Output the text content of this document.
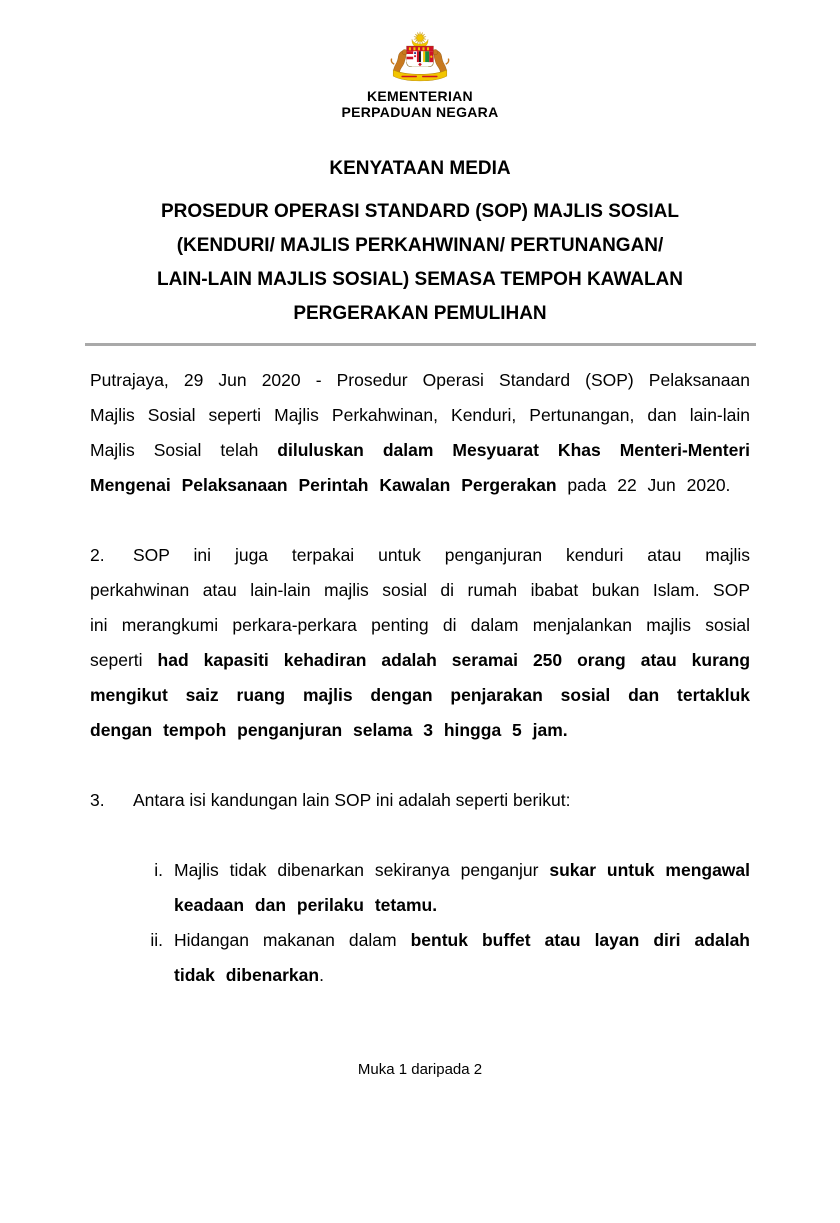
KEMENTERIAN
PERPADUAN NEGARA
KENYATAAN MEDIA
PROSEDUR OPERASI STANDARD (SOP) MAJLIS SOSIAL
(KENDURI/ MAJLIS PERKAHWINAN/ PERTUNANGAN/
LAIN-LAIN MAJLIS SOSIAL) SEMASA TEMPOH KAWALAN
PERGERAKAN PEMULIHAN

Putrajaya, 29 Jun 2020 - Prosedur Operasi Standard (SOP) Pelaksanaan Majlis Sosial seperti Majlis Perkahwinan, Kenduri, Pertunangan, dan lain-lain Majlis Sosial telah diluluskan dalam Mesyuarat Khas Menteri-Menteri Mengenai Pelaksanaan Perintah Kawalan Pergerakan pada 22 Jun 2020.

2. SOP ini juga terpakai untuk penganjuran kenduri atau majlis perkahwinan atau lain-lain majlis sosial di rumah ibabat bukan Islam. SOP ini merangkumi perkara-perkara penting di dalam menjalankan majlis sosial seperti had kapasiti kehadiran adalah seramai 250 orang atau kurang mengikut saiz ruang majlis dengan penjarakan sosial dan tertakluk dengan tempoh penganjuran selama 3 hingga 5 jam.

3. Antara isi kandungan lain SOP ini adalah seperti berikut:

i. Majlis tidak dibenarkan sekiranya penganjur sukar untuk mengawal keadaan dan perilaku tetamu.
ii. Hidangan makanan dalam bentuk buffet atau layan diri adalah tidak dibenarkan.
Muka 1 daripada 2
